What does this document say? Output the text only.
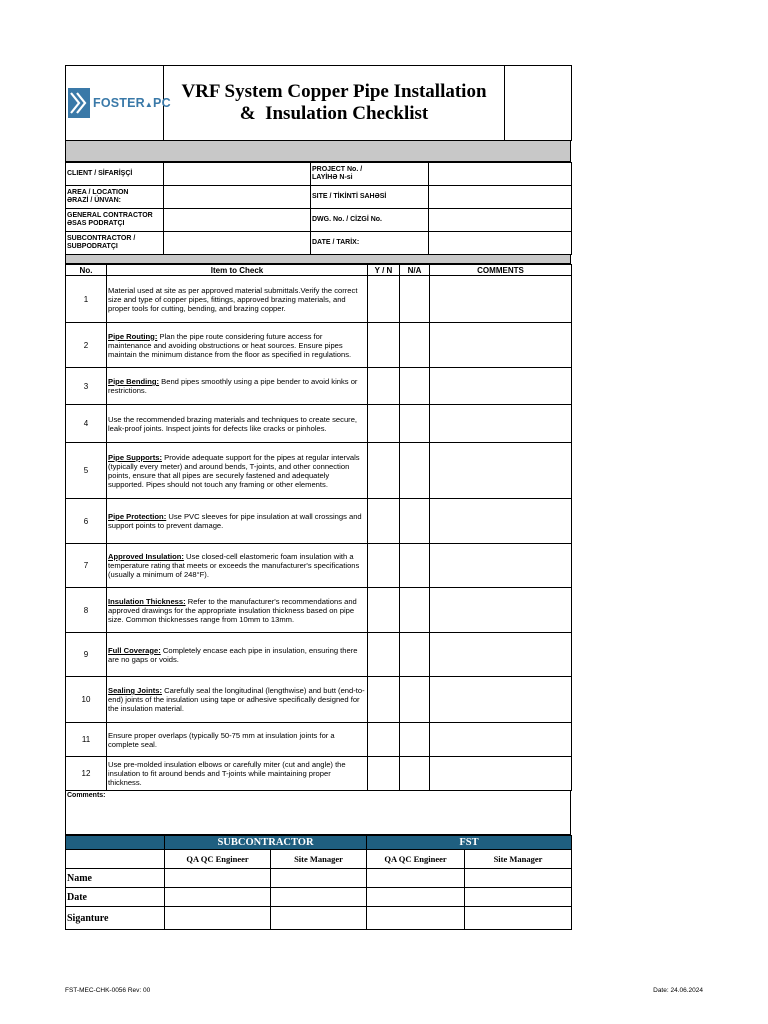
FOSTER▲PC

VRF System Copper Pipe Installation
&  Insulation Checklist

CLIENT / SİFARİŞÇİ		PROJECT No. /
LAYİHƏ N-si	

AREA / LOCATION
ƏRAZİ / ÜNVAN:		SITE / TİKİNTİ SAHƏSİ	

GENERAL CONTRACTOR
ƏSAS PODRATÇI		DWG. No. / CİZGİ No.	

SUBCONTRACTOR /
SUBPODRATÇI		DATE / TARİX:	
No.	Item to Check	Y / N	N/A	COMMENTS
1	Material used at site as per approved material submittals.Verify the correct size and type of copper pipes, fittings, approved brazing materials, and proper tools for cutting, bending, and brazing copper.			
2	Pipe Routing: Plan the pipe route considering future access for maintenance and avoiding obstructions or heat sources. Ensure pipes maintain the minimum distance from the floor as specified in regulations.			
3	Pipe Bending: Bend pipes smoothly using a pipe bender to avoid kinks or restrictions.			
4	Use the recommended brazing materials and techniques to create secure, leak-proof joints. Inspect joints for defects like cracks or pinholes.			
5	Pipe Supports: Provide adequate support for the pipes at regular intervals (typically every meter) and around bends, T-joints, and other connection points, ensure that all pipes are securely fastened and adequately supported. Pipes should not touch any framing or other elements.			
6	Pipe Protection: Use PVC sleeves for pipe insulation at wall crossings and support points to prevent damage.			
7	Approved Insulation: Use closed-cell elastomeric foam insulation with a temperature rating that meets or exceeds the manufacturer's specifications (usually a minimum of 248°F).			
8	Insulation Thickness: Refer to the manufacturer's recommendations and approved drawings for the appropriate insulation thickness based on pipe size. Common thicknesses range from 10mm to 13mm.			
9	Full Coverage: Completely encase each pipe in insulation, ensuring there are no gaps or voids.			
10	Sealing Joints: Carefully seal the longitudinal (lengthwise) and butt (end-to-end) joints of the insulation using tape or adhesive specifically designed for the insulation material.			
11	Ensure proper overlaps (typically 50-75 mm at insulation joints for a complete seal.			
12	Use pre-molded insulation elbows or carefully miter (cut and angle) the insulation to fit around bends and T-joints while maintaining proper thickness.			
Comments:
	SUBCONTRACTOR		FST	
	QA QC Engineer	Site Manager	QA QC Engineer	Site Manager
Name				
Date				
Siganture				
FST-MEC-CHK-0056 Rev: 00	Date: 24.06.2024
